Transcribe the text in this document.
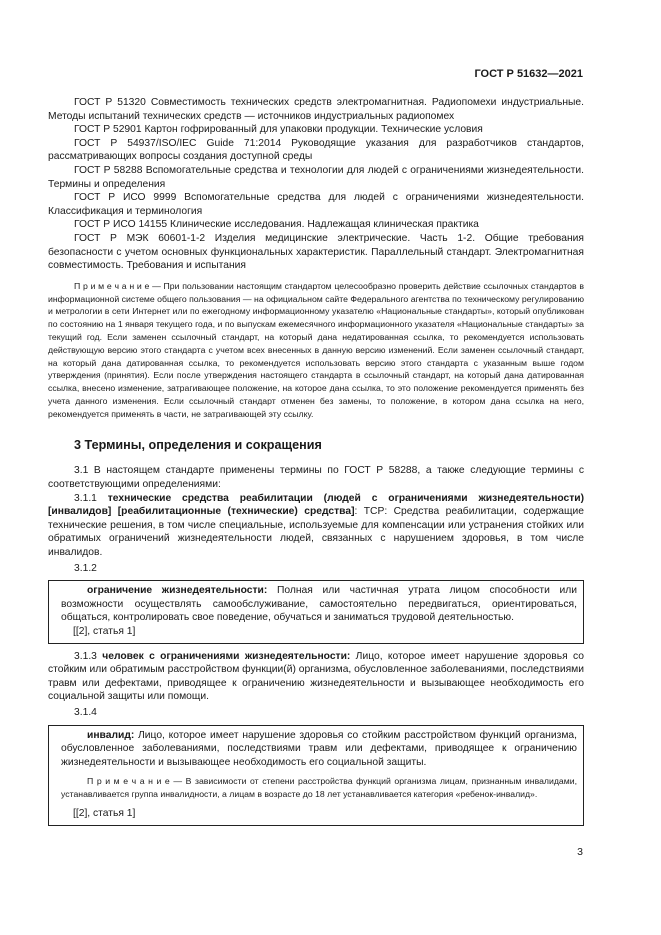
ГОСТ Р 51632—2021

ГОСТ Р 51320 Совместимость технических средств электромагнитная. Радиопомехи индустриальные. Методы испытаний технических средств — источников индустриальных радиопомех

ГОСТ Р 52901 Картон гофрированный для упаковки продукции. Технические условия

ГОСТ Р 54937/ISO/IEC Guide 71:2014 Руководящие указания для разработчиков стандартов, рассматривающих вопросы создания доступной среды

ГОСТ Р 58288 Вспомогательные средства и технологии для людей с ограничениями жизнедеятельности. Термины и определения

ГОСТ Р ИСО 9999 Вспомогательные средства для людей с ограничениями жизнедеятельности. Классификация и терминология

ГОСТ Р ИСО 14155 Клинические исследования. Надлежащая клиническая практика

ГОСТ Р МЭК 60601-1-2 Изделия медицинские электрические. Часть 1-2. Общие требования безопасности с учетом основных функциональных характеристик. Параллельный стандарт. Электромагнитная совместимость. Требования и испытания

П р и м е ч а н и е — При пользовании настоящим стандартом целесообразно проверить действие ссылочных стандартов в информационной системе общего пользования — на официальном сайте Федерального агентства по техническому регулированию и метрологии в сети Интернет или по ежегодному информационному указателю «Национальные стандарты», который опубликован по состоянию на 1 января текущего года, и по выпускам ежемесячного информационного указателя «Национальные стандарты» за текущий год. Если заменен ссылочный стандарт, на который дана недатированная ссылка, то рекомендуется использовать действующую версию этого стандарта с учетом всех внесенных в данную версию изменений. Если заменен ссылочный стандарт, на который дана датированная ссылка, то рекомендуется использовать версию этого стандарта с указанным выше годом утверждения (принятия). Если после утверждения настоящего стандарта в ссылочный стандарт, на который дана датированная ссылка, внесено изменение, затрагивающее положение, на которое дана ссылка, то это положение рекомендуется применять без учета данного изменения. Если ссылочный стандарт отменен без замены, то положение, в котором дана ссылка на него, рекомендуется применять в части, не затрагивающей эту ссылку.

3 Термины, определения и сокращения

3.1 В настоящем стандарте применены термины по ГОСТ Р 58288, а также следующие термины с соответствующими определениями:

3.1.1 технические средства реабилитации (людей с ограничениями жизнедеятельности) [инвалидов] [реабилитационные (технические) средства]: TCP: Средства реабилитации, содержащие технические решения, в том числе специальные, используемые для компенсации или устранения стойких или обратимых ограничений жизнедеятельности людей, связанных с нарушением здоровья, в том числе инвалидов.

3.1.2

ограничение жизнедеятельности: Полная или частичная утрата лицом способности или возможности осуществлять самообслуживание, самостоятельно передвигаться, ориентироваться, общаться, контролировать свое поведение, обучаться и заниматься трудовой деятельностью.

[[2], статья 1]

3.1.3 человек с ограничениями жизнедеятельности: Лицо, которое имеет нарушение здоровья со стойким или обратимым расстройством функции(й) организма, обусловленное заболеваниями, последствиями травм или дефектами, приводящее к ограничению жизнедеятельности и вызывающее необходимость его социальной защиты или помощи.

3.1.4

инвалид: Лицо, которое имеет нарушение здоровья со стойким расстройством функций организма, обусловленное заболеваниями, последствиями травм или дефектами, приводящее к ограничению жизнедеятельности и вызывающее необходимость его социальной защиты.

П р и м е ч а н и е — В зависимости от степени расстройства функций организма лицам, признанным инвалидами, устанавливается группа инвалидности, а лицам в возрасте до 18 лет устанавливается категория «ребенок-инвалид».

[[2], статья 1]

3
